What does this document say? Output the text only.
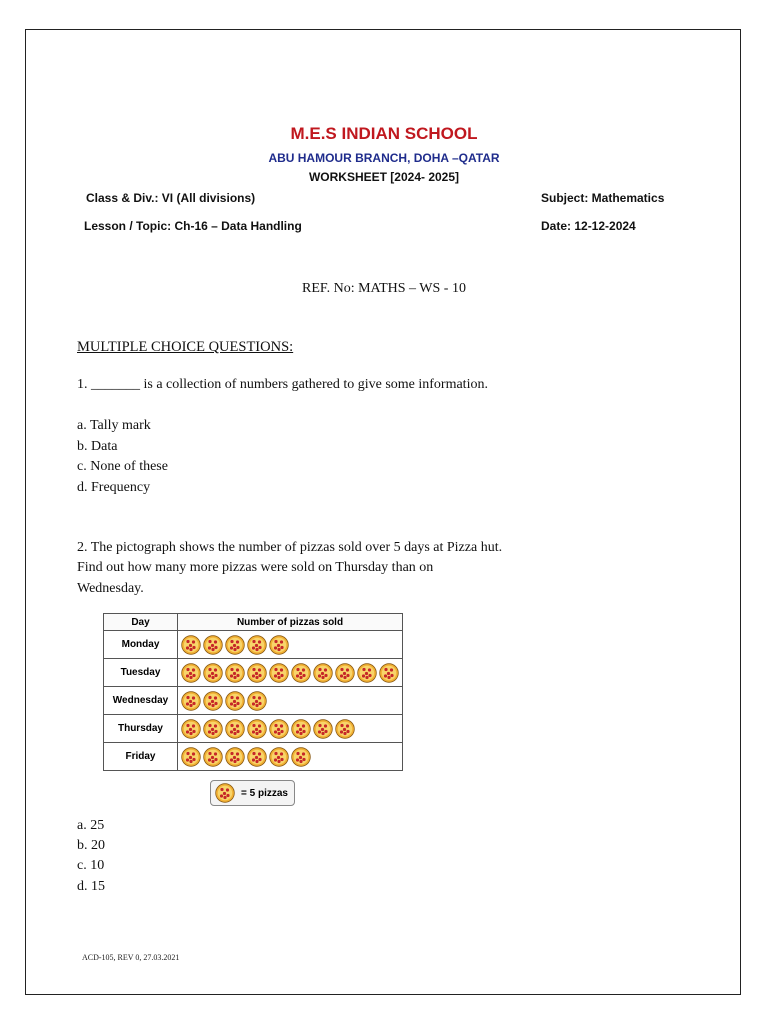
M.E.S INDIAN SCHOOL
ABU HAMOUR BRANCH, DOHA –QATAR
WORKSHEET [2024- 2025]
Class & Div.: VI (All divisions)	Subject: Mathematics
Lesson / Topic: Ch-16 – Data Handling	Date: 12-12-2024
REF. No: MATHS – WS - 10
MULTIPLE CHOICE QUESTIONS:
1. _______ is a collection of numbers gathered to give some information.
a. Tally mark
b. Data
c. None of these
d. Frequency
2. The pictograph shows the number of pizzas sold over 5 days at Pizza hut.
Find out how many more pizzas were sold on Thursday than on
Wednesday.
Day	Number of pizzas sold
Monday	
Tuesday	
Wednesday	
Thursday	
Friday	
= 5 pizzas
a. 25
b. 20
c. 10
d. 15
ACD-105, REV 0, 27.03.2021
